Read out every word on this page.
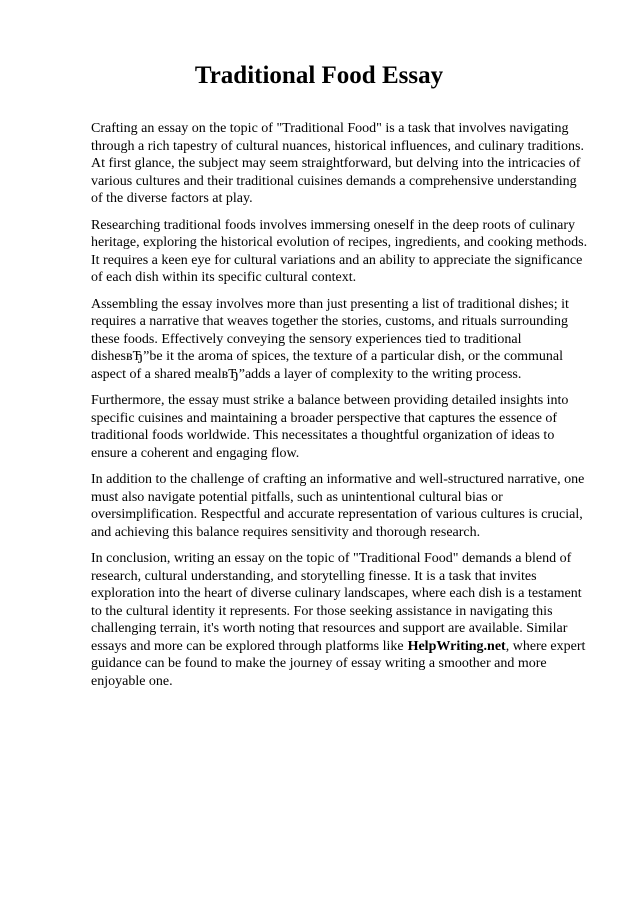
Traditional Food Essay

Crafting an essay on the topic of "Traditional Food" is a task that involves navigating through a rich tapestry of cultural nuances, historical influences, and culinary traditions. At first glance, the subject may seem straightforward, but delving into the intricacies of various cultures and their traditional cuisines demands a comprehensive understanding of the diverse factors at play.

Researching traditional foods involves immersing oneself in the deep roots of culinary heritage, exploring the historical evolution of recipes, ingredients, and cooking methods. It requires a keen eye for cultural variations and an ability to appreciate the significance of each dish within its specific cultural context.

Assembling the essay involves more than just presenting a list of traditional dishes; it requires a narrative that weaves together the stories, customs, and rituals surrounding these foods. Effectively conveying the sensory experiences tied to traditional dishesвЂ”be it the aroma of spices, the texture of a particular dish, or the communal aspect of a shared mealвЂ”adds a layer of complexity to the writing process.

Furthermore, the essay must strike a balance between providing detailed insights into specific cuisines and maintaining a broader perspective that captures the essence of traditional foods worldwide. This necessitates a thoughtful organization of ideas to ensure a coherent and engaging flow.

In addition to the challenge of crafting an informative and well-structured narrative, one must also navigate potential pitfalls, such as unintentional cultural bias or oversimplification. Respectful and accurate representation of various cultures is crucial, and achieving this balance requires sensitivity and thorough research.

In conclusion, writing an essay on the topic of "Traditional Food" demands a blend of research, cultural understanding, and storytelling finesse. It is a task that invites exploration into the heart of diverse culinary landscapes, where each dish is a testament to the cultural identity it represents. For those seeking assistance in navigating this challenging terrain, it's worth noting that resources and support are available. Similar essays and more can be explored through platforms like HelpWriting.net, where expert guidance can be found to make the journey of essay writing a smoother and more enjoyable one.
